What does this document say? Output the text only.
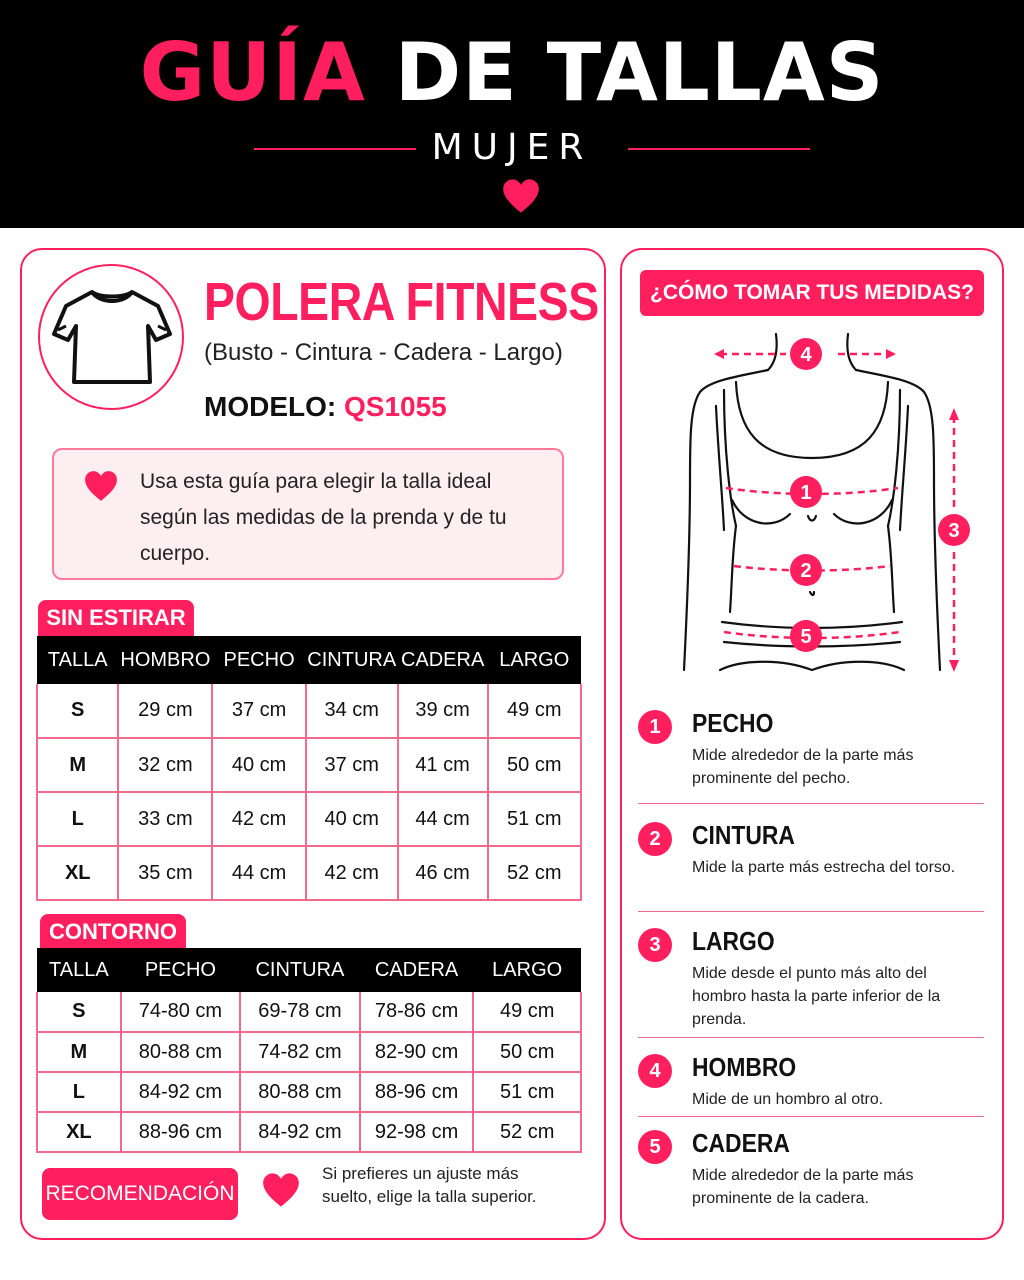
GUÍA DE TALLAS
MUJER
POLERA FITNESS
(Busto - Cintura - Cadera - Largo)
MODELO: QS1055
Usa esta guía para elegir la talla ideal según las medidas de la prenda y de tu cuerpo.
SIN ESTIRAR
TALLA	HOMBRO	PECHO	CINTURA	CADERA	LARGO
S	29 cm	37 cm	34 cm	39 cm	49 cm
M	32 cm	40 cm	37 cm	41 cm	50 cm
L	33 cm	42 cm	40 cm	44 cm	51 cm
XL	35 cm	44 cm	42 cm	46 cm	52 cm
CONTORNO
TALLA	PECHO	CINTURA	CADERA	LARGO
S	74-80 cm	69-78 cm	78-86 cm	49 cm
M	80-88 cm	74-82 cm	82-90 cm	50 cm
L	84-92 cm	80-88 cm	88-96 cm	51 cm
XL	88-96 cm	84-92 cm	92-98 cm	52 cm
RECOMENDACIÓN
Si prefieres un ajuste más suelto, elige la talla superior.
¿CÓMO TOMAR TUS MEDIDAS?
4
1
3
2
5
1	PECHO
Mide alrededor de la parte más prominente del pecho.
2	CINTURA
Mide la parte más estrecha del torso.
3	LARGO
Mide desde el punto más alto del hombro hasta la parte inferior de la prenda.
4	HOMBRO
Mide de un hombro al otro.
5	CADERA
Mide alrededor de la parte más prominente de la cadera.
